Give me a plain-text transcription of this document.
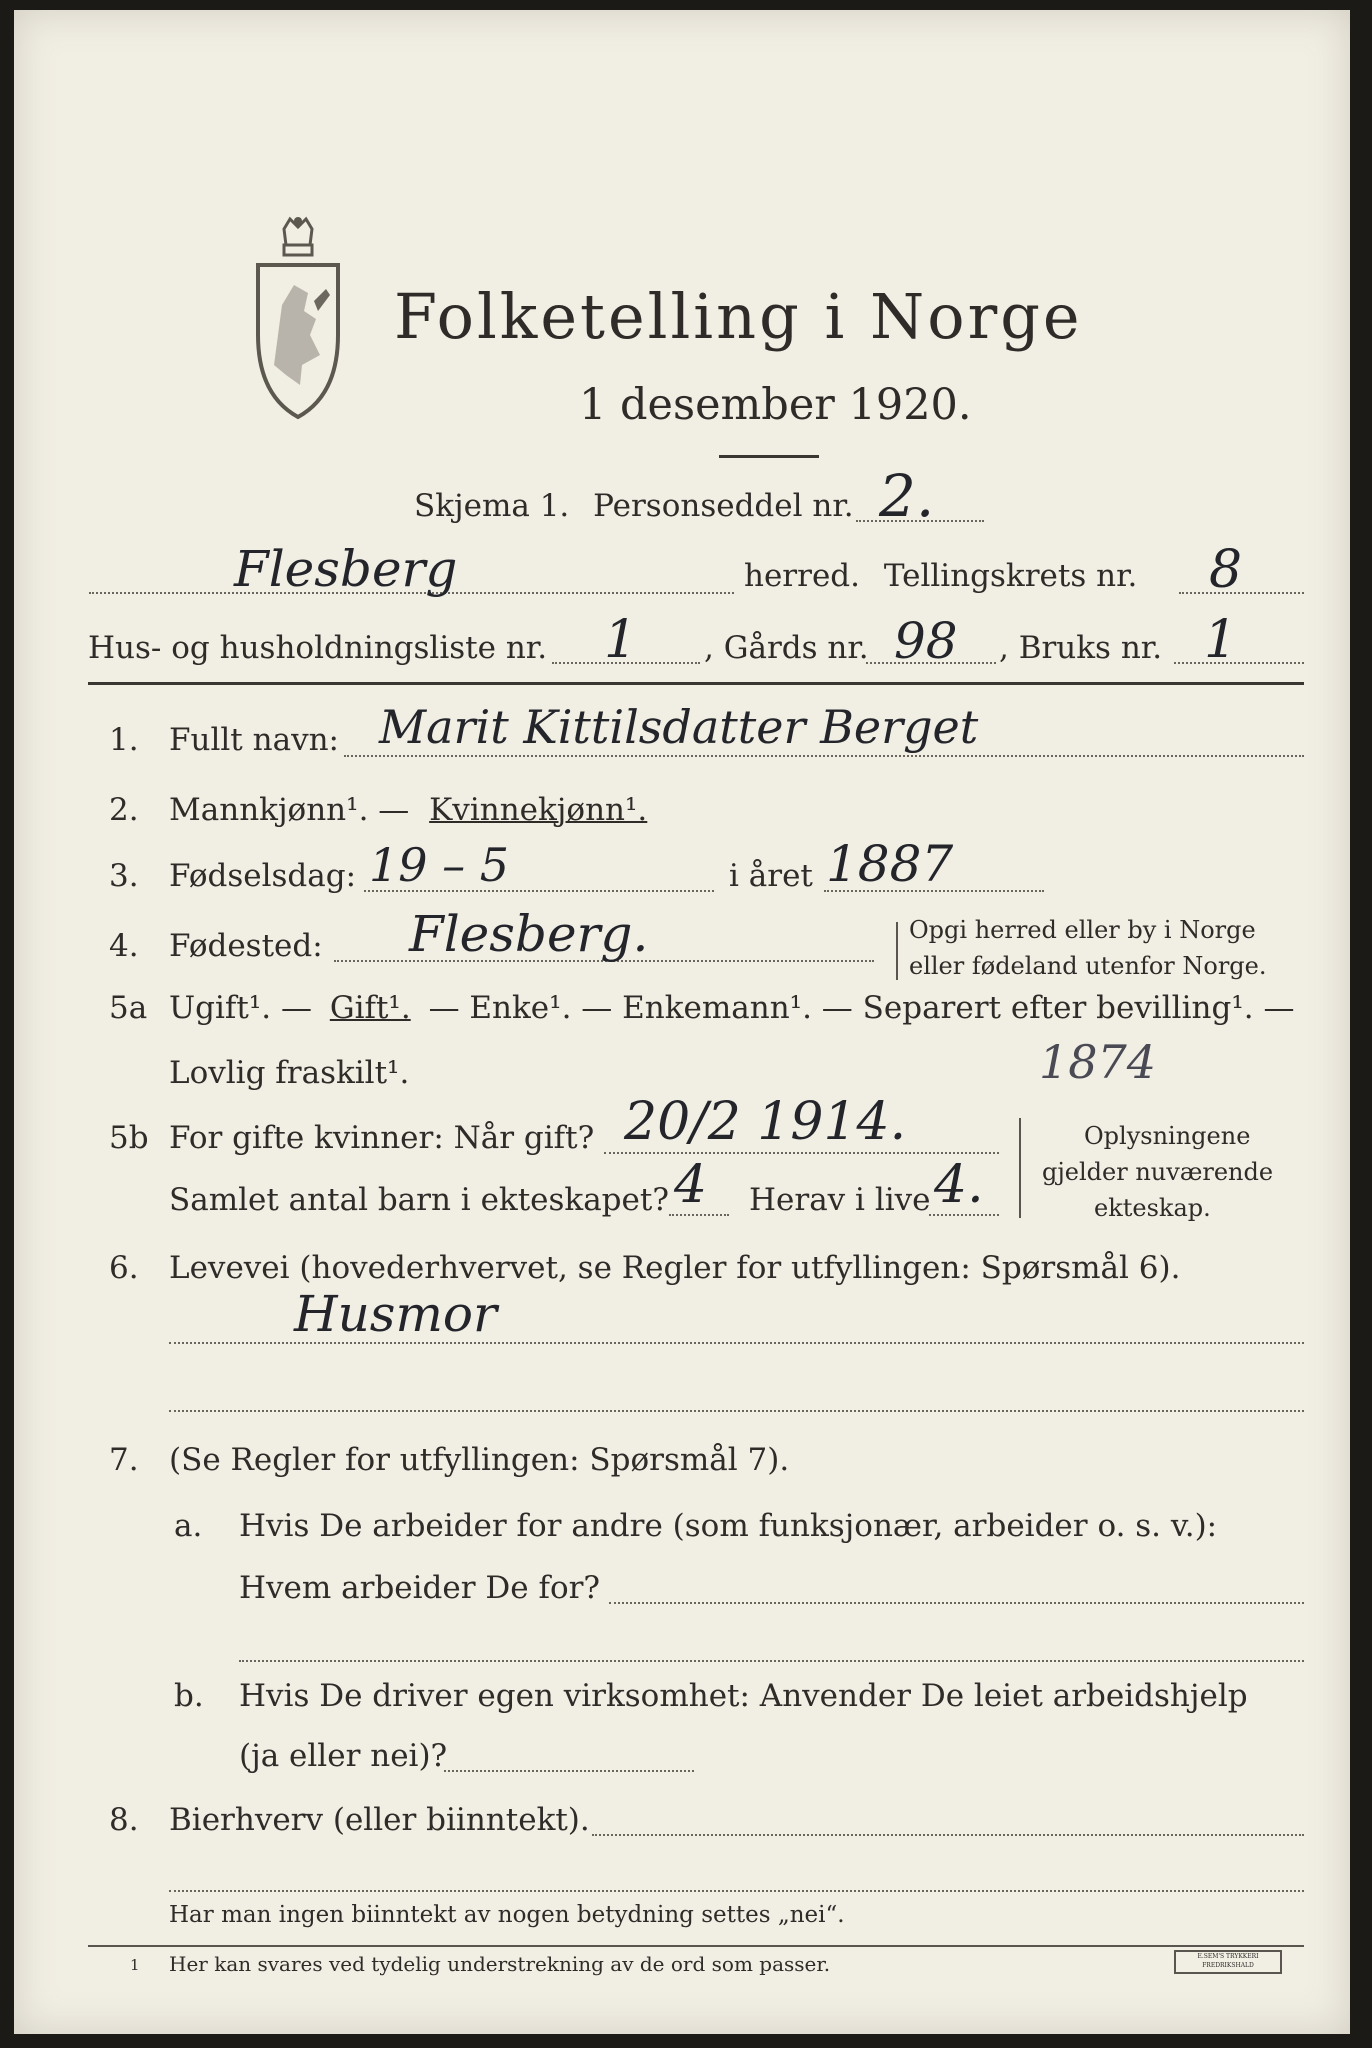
Folketelling i Norge
1 desember 1920.
Skjema 1. Personseddel nr. 2.
Flesberg	herred. Tellingskrets nr. 8
Hus- og husholdningsliste nr. 1 , Gårds nr. 98 , Bruks nr. 1
1. Fullt navn: Marit Kittilsdatter Berget
2. Mannkjønn¹. — Kvinnekjønn¹.
3. Fødselsdag: 19 – 5	i året 1887
4. Fødested: Flesberg.	Opgi herred eller by i Norge
eller fødeland utenfor Norge.
5a Ugift¹. — Gift¹. — Enke¹. — Enkemann¹. — Separert efter bevilling¹. —
Lovlig fraskilt¹.	1874
5b For gifte kvinner: Når gift? 20/2 1914.
Samlet antal barn i ekteskapet? 4 Herav i live 4.
Oplysningene
gjelder nuværende
ekteskap.
6. Levevei (hovederhvervet, se Regler for utfyllingen: Spørsmål 6).
Husmor
7. (Se Regler for utfyllingen: Spørsmål 7).
a. Hvis De arbeider for andre (som funksjonær, arbeider o. s. v.):
Hvem arbeider De for?
b. Hvis De driver egen virksomhet: Anvender De leiet arbeidshjelp
(ja eller nei)?
8. Bierhverv (eller biinntekt).
Har man ingen biinntekt av nogen betydning settes „nei“.
1 Her kan svares ved tydelig understrekning av de ord som passer.	E.SEM'S TRYKKERI FREDRIKSHALD
